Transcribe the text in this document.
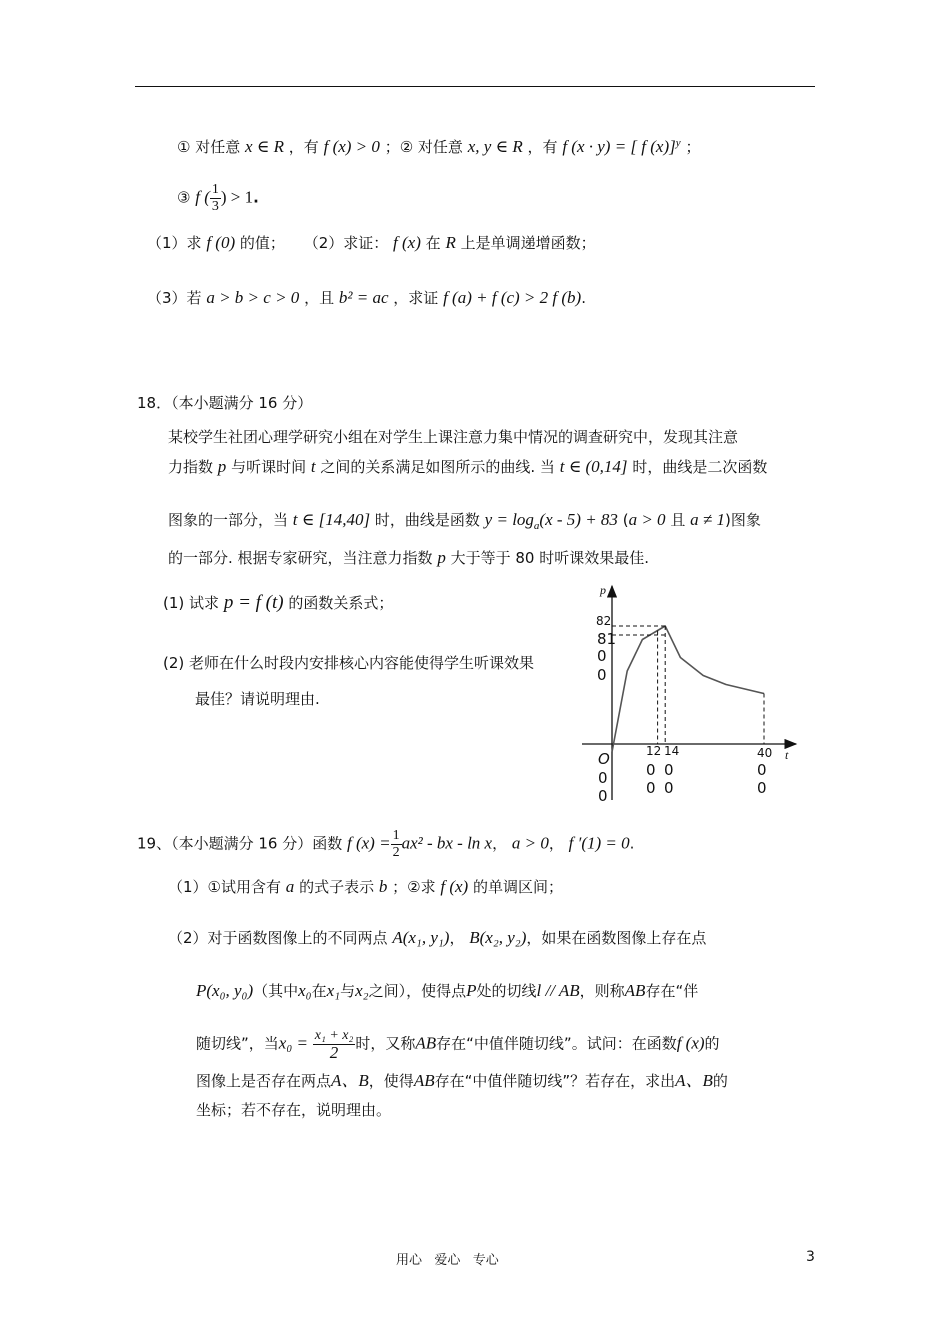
① 对任意 x ∈ R ，有 f (x) > 0 ；② 对任意 x, y ∈ R ，有 f (x · y) = [ f (x)]$^y$ ；
③ f ( $\frac{1}{3}$ ) > 1.
（1）求 f (0) 的值； （2）求证： f (x) 在 R 上是单调递增函数；
（3）若 a > b > c > 0 ，且 b² = ac ，求证 f (a) + f (c) > 2 f (b).
18．（本小题满分 16 分）
某校学生社团心理学研究小组在对学生上课注意力集中情况的调查研究中，发现其注意
力指数 p 与听课时间 t 之间的关系满足如图所示的曲线. 当 t ∈ (0,14] 时，曲线是二次函数
图象的一部分，当 t ∈ [14,40] 时，曲线是函数 $y = \log_a(x - 5) + 83$ (a > 0 且 a ≠ 1)图象
的一部分. 根据专家研究，当注意力指数 p 大于等于 80 时听课效果最佳.
(1) 试求 p = f (t) 的函数关系式；
(2) 老师在什么时段内安排核心内容能使得学生听课效果
最佳？请说明理由.
p
t
82
81
0
0
O
0
0
12 14	40
0
0
0
0
0
0
19、（本小题满分 16 分）函数 f $(x) = \frac{1}{2} ax^2$ - bx - ln x， a > 0， f ′(1) = 0.
（1）①试用含有 a 的式子表示 b ；②求 f (x) 的单调区间；
（2）对于函数图像上的不同两点 A(x₁, y₁)， B(x₂, y₂)，如果在函数图像上存在点
P(x₀, y₀)（其中x₀在x₁与x₂之间），使得点P处的切线l // AB，则称AB存在“伴
随切线”，当$x_0 = \frac{\text{x₁ + x₂}}{2}$ 时，又称AB存在“中值伴随切线”。试问：在函数f (x)的
图像上是否存在两点A、B，使得AB存在“中值伴随切线”？若存在，求出A、B的
坐标；若不存在，说明理由。
用心   爱心   专心	3
